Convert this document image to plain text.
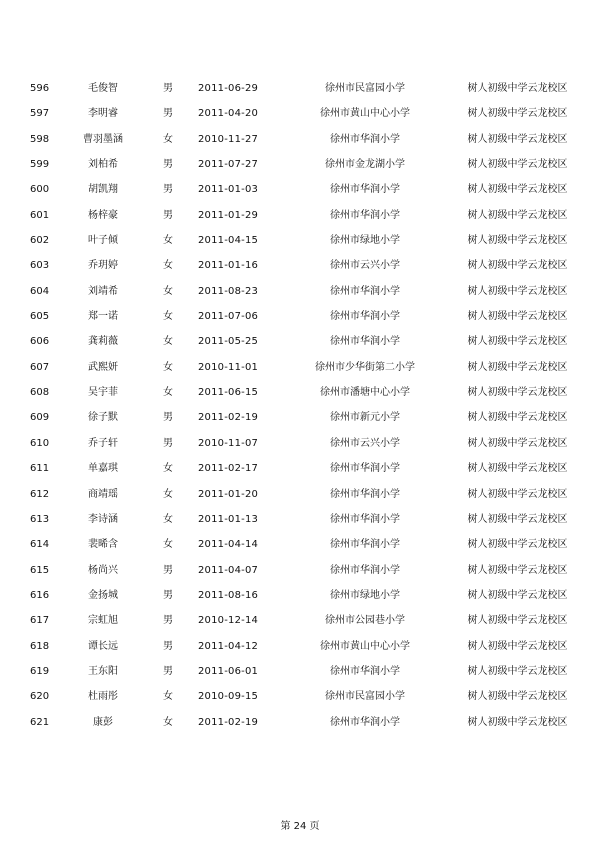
596	毛俊智	男	2011-06-29	徐州市民富园小学	树人初级中学云龙校区
597	李明睿	男	2011-04-20	徐州市黄山中心小学	树人初级中学云龙校区
598	曹羽墨涵	女	2010-11-27	徐州市华润小学	树人初级中学云龙校区
599	刘柏希	男	2011-07-27	徐州市金龙湖小学	树人初级中学云龙校区
600	胡凯翔	男	2011-01-03	徐州市华润小学	树人初级中学云龙校区
601	杨梓豪	男	2011-01-29	徐州市华润小学	树人初级中学云龙校区
602	叶子倾	女	2011-04-15	徐州市绿地小学	树人初级中学云龙校区
603	乔玥婷	女	2011-01-16	徐州市云兴小学	树人初级中学云龙校区
604	刘靖希	女	2011-08-23	徐州市华润小学	树人初级中学云龙校区
605	郑一诺	女	2011-07-06	徐州市华润小学	树人初级中学云龙校区
606	龚莉薇	女	2011-05-25	徐州市华润小学	树人初级中学云龙校区
607	武熙妍	女	2010-11-01	徐州市少华街第二小学	树人初级中学云龙校区
608	吴宇菲	女	2011-06-15	徐州市潘塘中心小学	树人初级中学云龙校区
609	徐子默	男	2011-02-19	徐州市新元小学	树人初级中学云龙校区
610	乔子轩	男	2010-11-07	徐州市云兴小学	树人初级中学云龙校区
611	单嘉琪	女	2011-02-17	徐州市华润小学	树人初级中学云龙校区
612	商靖瑶	女	2011-01-20	徐州市华润小学	树人初级中学云龙校区
613	李诗涵	女	2011-01-13	徐州市华润小学	树人初级中学云龙校区
614	裴晞含	女	2011-04-14	徐州市华润小学	树人初级中学云龙校区
615	杨尚兴	男	2011-04-07	徐州市华润小学	树人初级中学云龙校区
616	金扬城	男	2011-08-16	徐州市绿地小学	树人初级中学云龙校区
617	宗虹旭	男	2010-12-14	徐州市公园巷小学	树人初级中学云龙校区
618	谭长远	男	2011-04-12	徐州市黄山中心小学	树人初级中学云龙校区
619	王东阳	男	2011-06-01	徐州市华润小学	树人初级中学云龙校区
620	杜雨彤	女	2010-09-15	徐州市民富园小学	树人初级中学云龙校区
621	康彭	女	2011-02-19	徐州市华润小学	树人初级中学云龙校区
第 24 页
